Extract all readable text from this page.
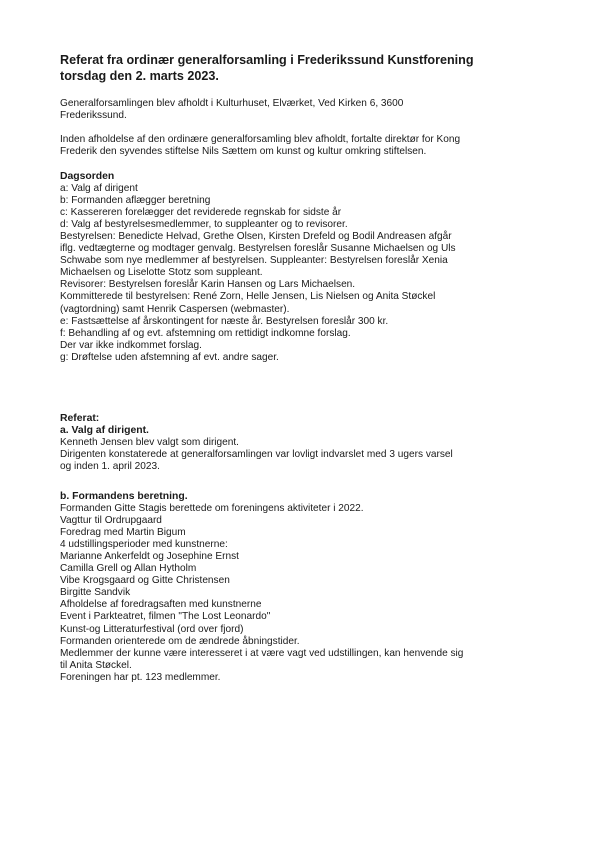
Referat fra ordinær generalforsamling i Frederikssund Kunstforening

torsdag den 2. marts 2023.

Generalforsamlingen blev afholdt i Kulturhuset, Elværket, Ved Kirken 6, 3600

Frederikssund.

Inden afholdelse af den ordinære generalforsamling blev afholdt, fortalte direktør for Kong

Frederik den syvendes stiftelse Nils Sættem om kunst og kultur omkring stiftelsen.

Dagsorden

a: Valg af dirigent

b: Formanden aflægger beretning

c: Kassereren forelægger det reviderede regnskab for sidste år

d: Valg af bestyrelsesmedlemmer, to suppleanter og to revisorer.

Bestyrelsen: Benedicte Helvad, Grethe Olsen, Kirsten Drefeld og Bodil Andreasen afgår

iflg. vedtægterne og modtager genvalg. Bestyrelsen foreslår Susanne Michaelsen og Uls

Schwabe som nye medlemmer af bestyrelsen. Suppleanter: Bestyrelsen foreslår Xenia

Michaelsen og Liselotte Stotz som suppleant.

Revisorer: Bestyrelsen foreslår Karin Hansen og Lars Michaelsen.

Kommitterede til bestyrelsen: René Zorn, Helle Jensen, Lis Nielsen og Anita Støckel

(vagtordning) samt Henrik Caspersen (webmaster).

e: Fastsættelse af årskontingent for næste år. Bestyrelsen foreslår 300 kr.

f: Behandling af og evt. afstemning om rettidigt indkomne forslag.

Der var ikke indkommet forslag.

g: Drøftelse uden afstemning af evt. andre sager.

Referat:

a. Valg af dirigent.

Kenneth Jensen blev valgt som dirigent.

Dirigenten konstaterede at generalforsamlingen var lovligt indvarslet med 3 ugers varsel

og inden 1. april 2023.

b. Formandens beretning.

Formanden Gitte Stagis berettede om foreningens aktiviteter i 2022.

Vagttur til Ordrupgaard

Foredrag med Martin Bigum

4 udstillingsperioder med kunstnerne:

Marianne Ankerfeldt og Josephine Ernst

Camilla Grell og Allan Hytholm

Vibe Krogsgaard og Gitte Christensen

Birgitte Sandvik

Afholdelse af foredragsaften med kunstnerne

Event i Parkteatret, filmen "The Lost Leonardo"

Kunst-og Litteraturfestival (ord over fjord)

Formanden orienterede om de ændrede åbningstider.

Medlemmer der kunne være interesseret i at være vagt ved udstillingen, kan henvende sig

til Anita Støckel.

Foreningen har pt. 123 medlemmer.
